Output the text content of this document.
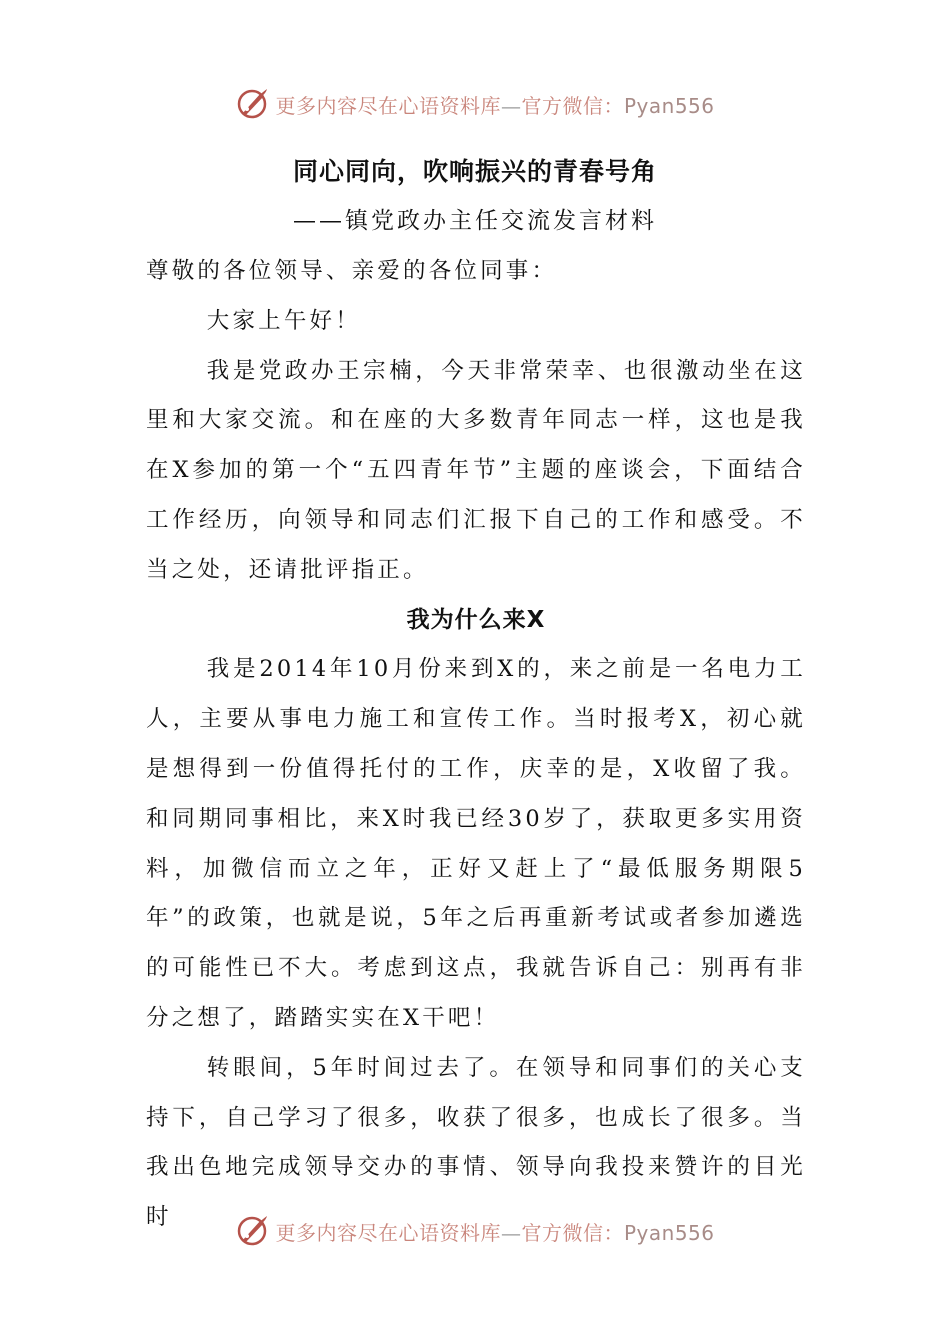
更多内容尽在心语资料库—官方微信：Pyan556
同心同向，吹响振兴的青春号角
——镇党政办主任交流发言材料

尊敬的各位领导、亲爱的各位同事：

大家上午好！

我是党政办王宗楠，今天非常荣幸、也很激动坐在这里和大家交流。和在座的大多数青年同志一样，这也是我在X参加的第一个“五四青年节”主题的座谈会，下面结合工作经历，向领导和同志们汇报下自己的工作和感受。不当之处，还请批评指正。

我为什么来X

我是2014年10月份来到X的，来之前是一名电力工人，主要从事电力施工和宣传工作。当时报考X，初心就是想得到一份值得托付的工作，庆幸的是，X收留了我。和同期同事相比，来X时我已经30岁了，获取更多实用资料，加微信而立之年，正好又赶上了“最低服务期限5年”的政策，也就是说，5年之后再重新考试或者参加遴选的可能性已不大。考虑到这点，我就告诉自己：别再有非分之想了，踏踏实实在X干吧！

转眼间，5年时间过去了。在领导和同事们的关心支持下，自己学习了很多，收获了很多，也成长了很多。当我出色地完成领导交办的事情、领导向我投来赞许的目光时

更多内容尽在心语资料库—官方微信：Pyan556
